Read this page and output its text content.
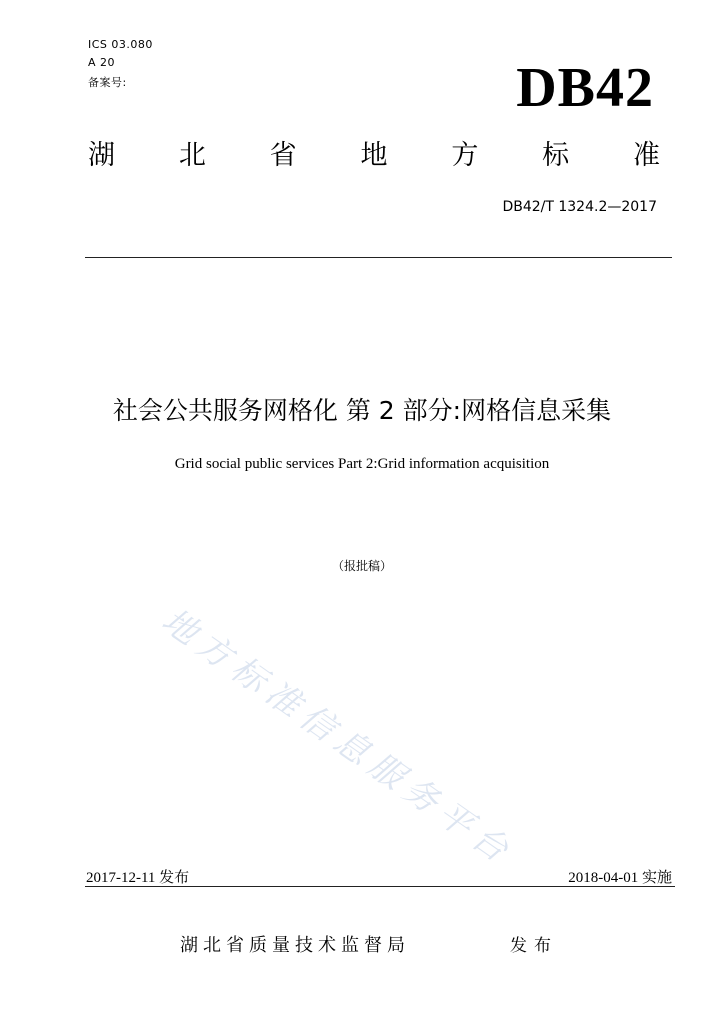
ICS 03.080
A 20
备案号:	DB42
湖 北 省 地 方 标 准
DB42/T 1324.2—2017
社会公共服务网格化 第 2 部分:网格信息采集
Grid social public services Part 2:Grid information acquisition
（报批稿）
地方标准信息服务平台
2017-12-11 发布	2018-04-01 实施
湖北省质量技术监督局	发布
